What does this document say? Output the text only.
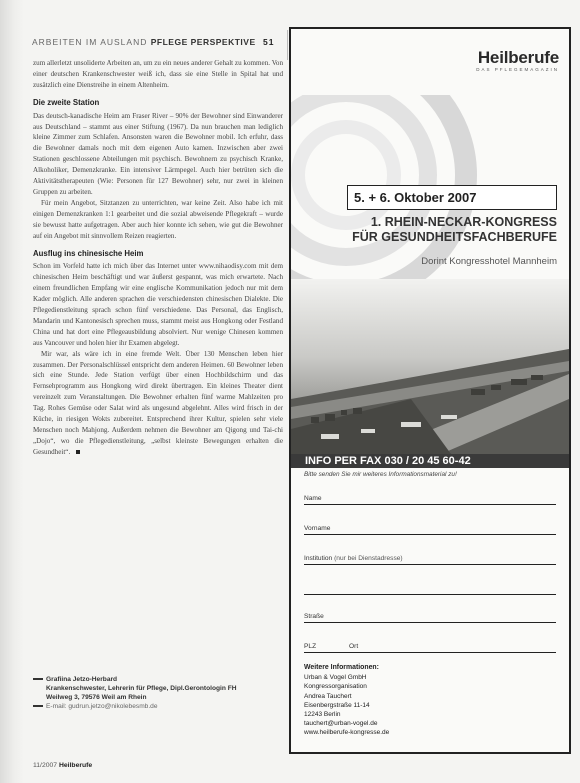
ARBEITEN IM AUSLAND PFLEGE PERSPEKTIVE 51

zum allerletzt unsoliderte Arbeiten an, um zu ein neues anderer Gehalt zu kommen. Von einer deutschen Krankenschwester weiß ich, dass sie eine Stelle in Spital hat und zusätzlich eine Dienstreihe in einem Altenheim.

Die zweite Station

Das deutsch-kanadische Heim am Fraser River – 90% der Bewohner sind Einwanderer aus Deutschland – stammt aus einer Stiftung (1967). Da nun brauchen man lediglich kleine Zimmer zum Schlafen. Ansonsten waren die Bewohner mobil. Ich erfuhr, dass die Bewohner damals noch mit dem eigenen Auto kamen. Inzwischen aber zwei Stationen geschlossene Abteilungen mit psychisch. Bewohnern zu psychisch Kranke, Alkoholiker, Demenzkranke. Ein intensiver Lärmpegel. Auch hier betrüten sich die Aktivitätstherapeuten (Wie: Personen für 127 Bewohner) sehr, nur zwei in kleinen Gruppen zu arbeiten.

Für mein Angebot, Sitztanzen zu unterrichten, war keine Zeit. Also habe ich mit einigen Demenzkranken 1:1 gearbeitet und die sozial abweisende Pflegekraft – wurde sie bewusst hatte aufgetragen. Aber auch hier konnte ich sehen, wie gut die Bewohner auf ein Angebot mit sinnvollem Reizen reagierten.

Ausflug ins chinesische Heim

Schon im Vorfeld hatte ich mich über das Internet unter www.nihaodisy.com mit dem chinesischen Heim beschäftigt und war äußerst gespannt, was mich erwartete. Nach einem freundlichen Empfang wir eine englische Kommunikation jedoch nur mit dem Kader möglich. Alle anderen sprachen die verschiedensten chinesischen Dialekte. Die Pflegedienstleitung sprach schon fünf verschiedene. Das Personal, das Englisch, Mandarin und Kantonesisch sprechen muss, stammt meist aus Hongkong oder Festland China und hat dort eine Pflegeausbildung absolviert. Nur wenige Chinesen kommen aus Vancouver und holen hier ihr Examen abgelegt.

Mir war, als wäre ich in eine fremde Welt. Über 130 Menschen leben hier zusammen. Der Personalschlüssel entspricht dem anderen Heimen. 60 Bewohner leben sich eine Stunde. Jede Station verfügt über einen Hochbildschirm und das Fernsehprogramm aus Hongkong wird direkt übertragen. Ein kleines Theater dient vereinzelt zum Veranstaltungen. Die Bewohner erhalten fünf warme Mahlzeiten pro Tag. Rohes Gemüse oder Salat wird als ungesund abgelehnt. Alles wird frisch in der Küche, in riesigen Wokts zubereitet. Entsprechend ihrer Kultur, spielen sehr viele Menschen noch Mahjong. Außerdem nehmen die Bewohner am Qigong und Tai-chi „Dojo“, wo die Pflegedienstleitung, „selbst kleinste Bewegungen erhalten die Gesundheit“.

Grafiina Jetzo-Herbard
Krankenschwester, Lehrerin für Pflege, Dipl.Gerontologin FH
Weilweg 3, 79576 Weil am Rhein
E-mail: gudrun.jetzo@nikolebesmb.de
11/2007 Heilberufe
Heilberufe
DAS PFLEGEMAGAZIN
5. + 6. Oktober 2007
1. RHEIN-NECKAR-KONGRESS
FÜR GESUNDHEITSFACHBERUFE
Dorint Kongresshotel Mannheim
INFO PER FAX 030 / 20 45 60-42
Bitte senden Sie mir weiteres Informationsmaterial zu!
Name
Vorname
Institution (nur bei Dienstadresse)
Straße
PLZ	Ort
Weitere Informationen:
Urban & Vogel GmbH
Kongressorganisation
Andrea Tauchert
Eisenbergstraße 11-14
12243 Berlin
tauchert@urban-vogel.de
www.heilberufe-kongresse.de
